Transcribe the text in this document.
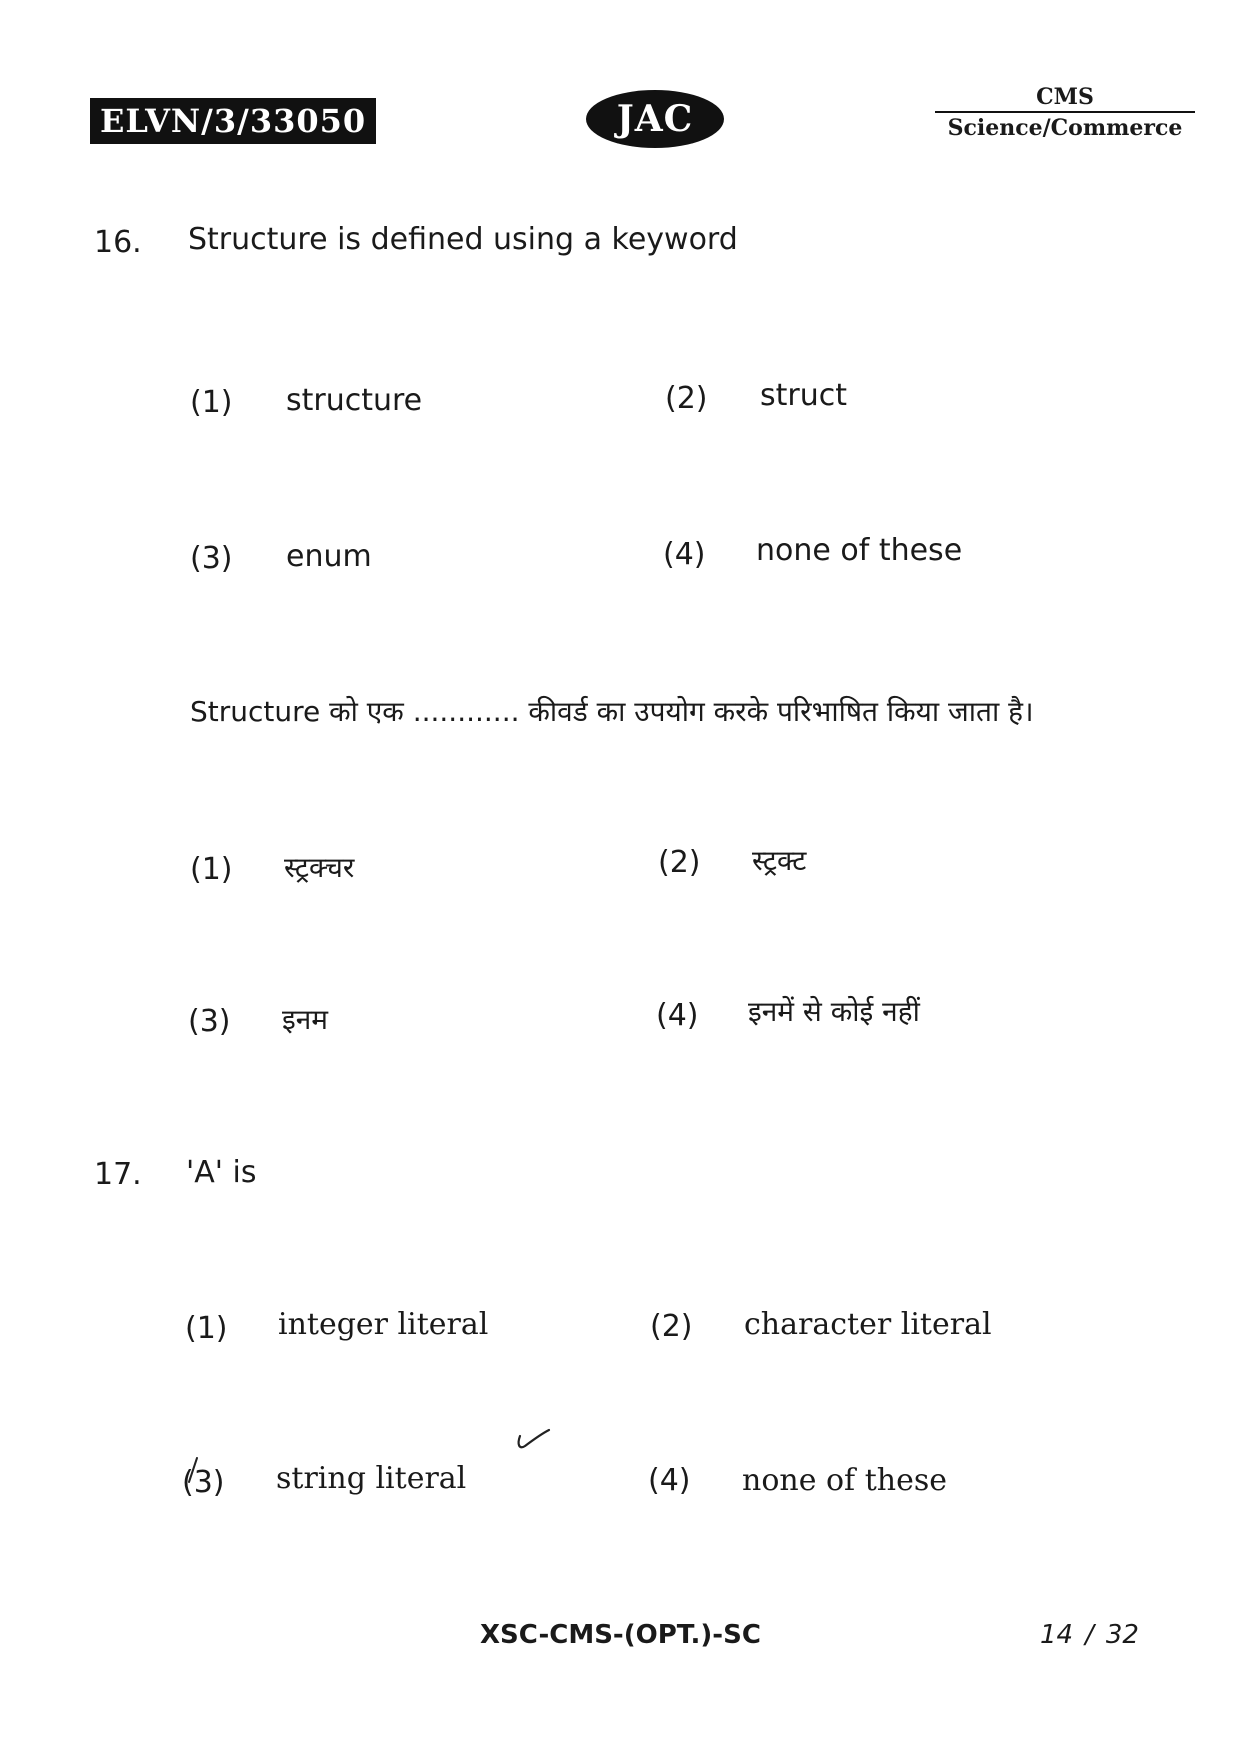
ELVN/3/33050	JAC
CMS
Science/Commerce
16. Structure is defined using a keyword
(1) structure	(2) struct
(3) enum	(4) none of these
Structure को एक ............ कीवर्ड का उपयोग करके परिभाषित किया जाता है।
(1) स्ट्रक्चर	(2) स्ट्रक्ट
(3) इनम	(4) इनमें से कोई नहीं
17. 'A' is
(1) integer literal	(2) character literal
(3) string literal	(4) none of these
XSC-CMS-(OPT.)-SC	14 / 32
